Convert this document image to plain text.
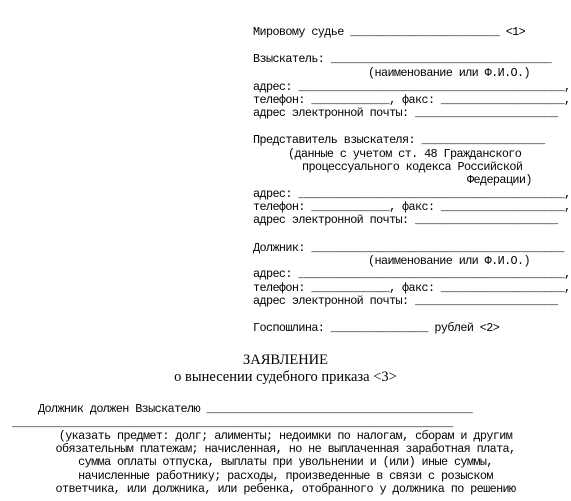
Мировому судье _______________________ <1>
Взыскатель: __________________________________
(наименование или Ф.И.О.)
адрес: _________________________________________,
телефон: ____________, факс: ___________________,
адрес электронной почты: ______________________
Представитель взыскателя: ___________________
(данные с учетом ст. 48 Гражданского
процессуального кодекса Российской
Федерации)
адрес: _________________________________________,
телефон: ____________, факс: ___________________,
адрес электронной почты: ______________________
Должник: _______________________________________
(наименование или Ф.И.О.)
адрес: _________________________________________,
телефон: ____________, факс: ___________________,
адрес электронной почты: ______________________
Госпошлина: _______________ рублей <2>
ЗАЯВЛЕНИЕ
о вынесении судебного приказа <3>
Должник должен Взыскателю _________________________________________
____________________________________________________________________
(указать предмет: долг; алименты; недоимки по налогам, сборам и другим
обязательным платежам; начисленная, но не выплаченная заработная плата,
сумма оплаты отпуска, выплаты при увольнении и (или) иные суммы,
начисленные работнику; расходы, произведенные в связи с розыском
ответчика, или должника, или ребенка, отобранного у должника по решению
